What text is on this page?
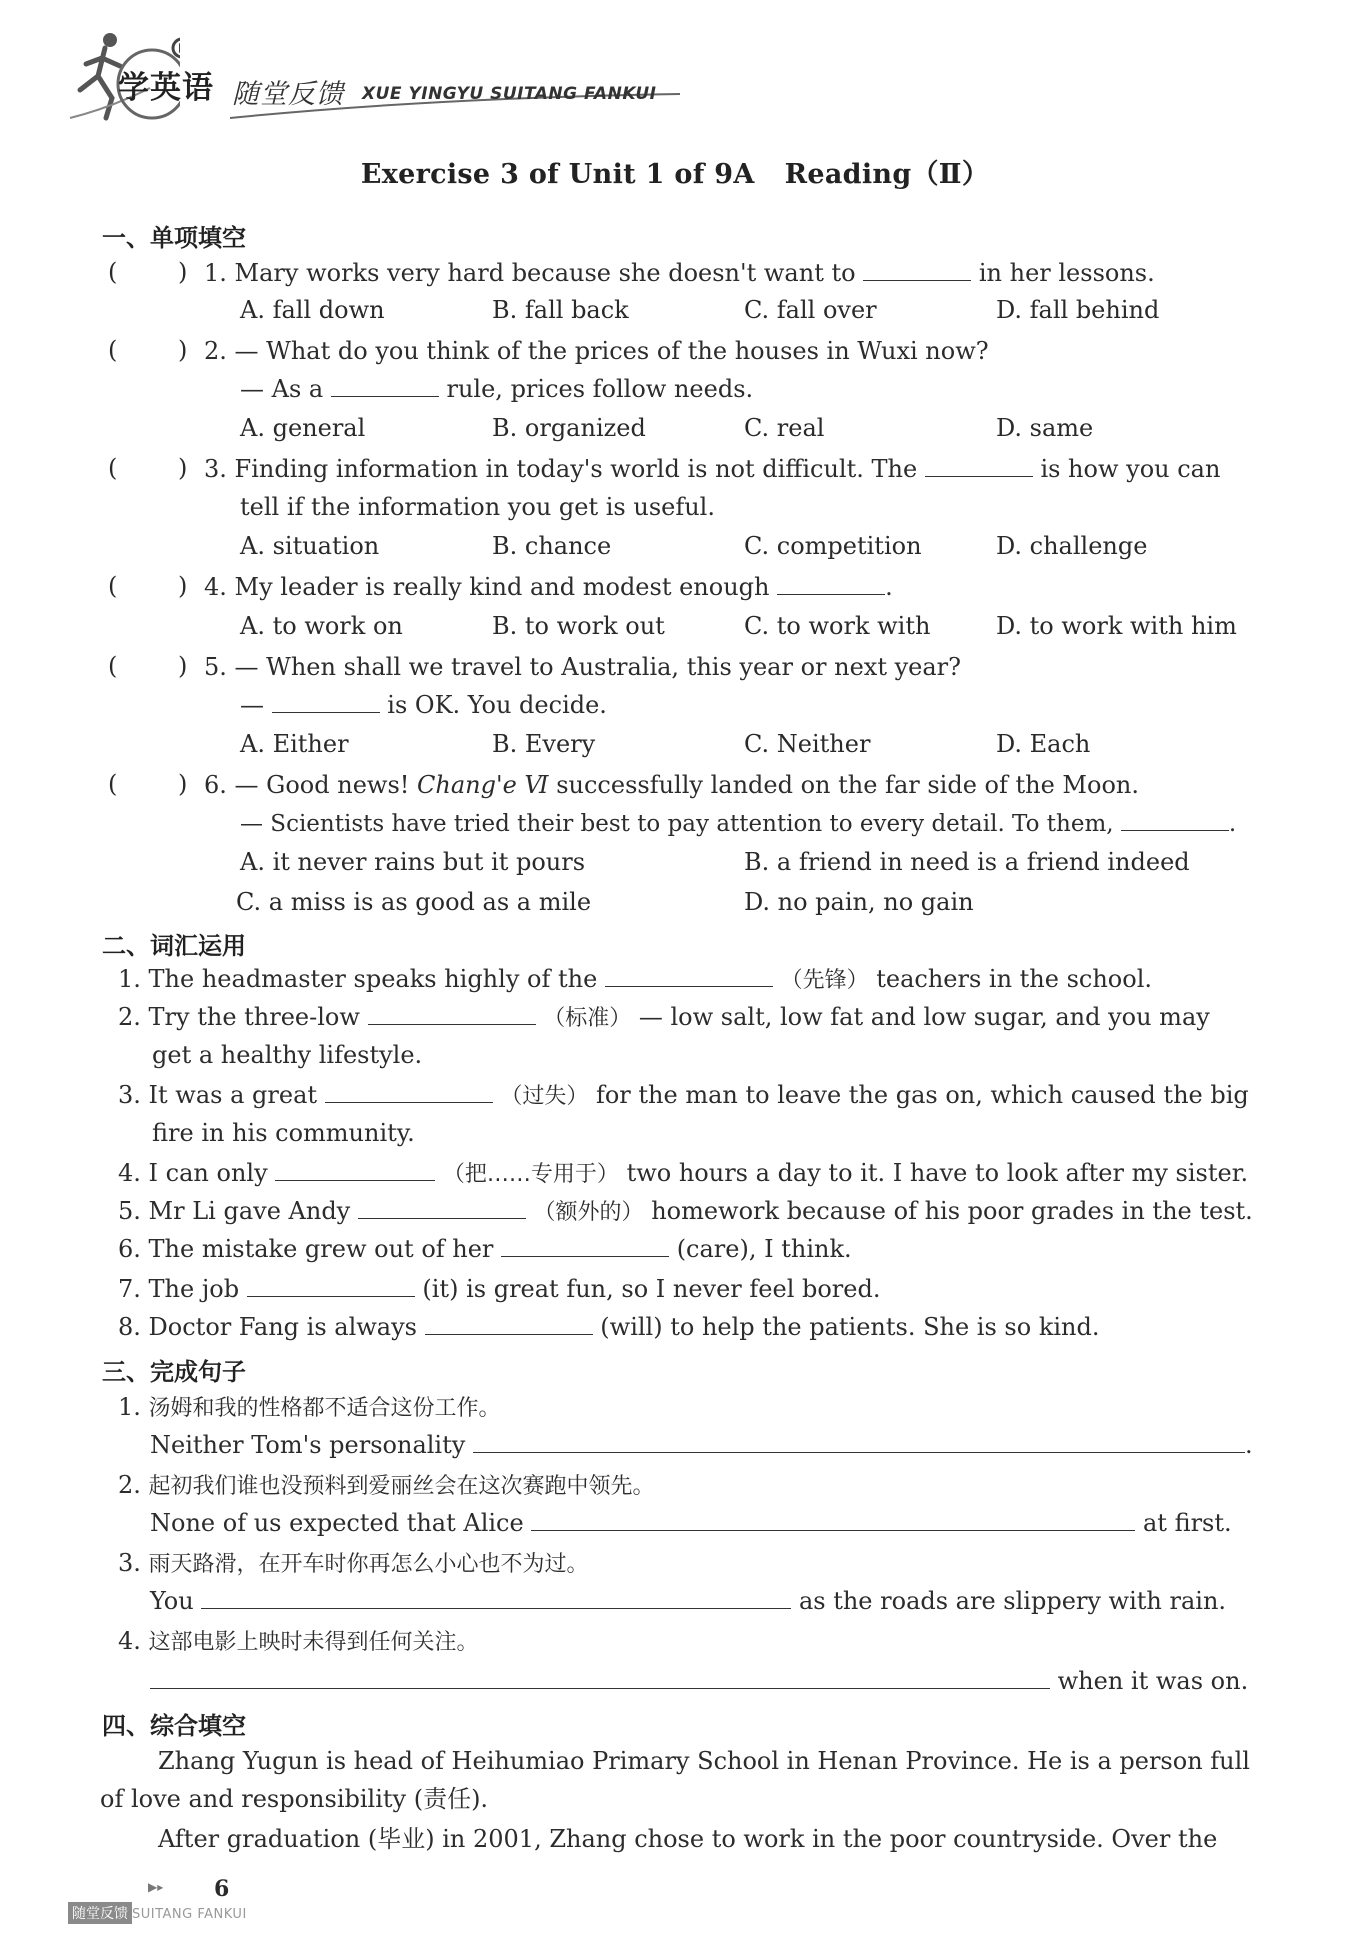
学英语 随堂反馈 XUE YINGYU SUITANG FANKUI
Exercise 3 of Unit 1 of 9A Reading（Ⅱ）
一、单项填空
(	) 1. Mary works very hard because she doesn't want to	in her lessons.
A. fall down	B. fall back	C. fall over	D. fall behind
(	) 2. — What do you think of the prices of the houses in Wuxi now?
— As a	rule, prices follow needs.
A. general	B. organized	C. real	D. same
(	) 3. Finding information in today's world is not difficult. The	is how you can
tell if the information you get is useful.
A. situation	B. chance	C. competition	D. challenge
(	) 4. My leader is really kind and modest enough	.
A. to work on	B. to work out	C. to work with	D. to work with him
(	) 5. — When shall we travel to Australia, this year or next year?
—	is OK. You decide.
A. Either	B. Every	C. Neither	D. Each
(	) 6. — Good news! Chang'e Ⅵ successfully landed on the far side of the Moon.
— Scientists have tried their best to pay attention to every detail. To them,	.
A. it never rains but it pours	B. a friend in need is a friend indeed
C. a miss is as good as a mile	D. no pain, no gain
二、词汇运用
1. The headmaster speaks highly of the	（先锋） teachers in the school.
2. Try the three-low	（标准） — low salt, low fat and low sugar, and you may
get a healthy lifestyle.
3. It was a great	（过失） for the man to leave the gas on, which caused the big
fire in his community.
4. I can only	（把……专用于） two hours a day to it. I have to look after my sister.
5. Mr Li gave Andy	（额外的） homework because of his poor grades in the test.
6. The mistake grew out of her	(care), I think.
7. The job	(it) is great fun, so I never feel bored.
8. Doctor Fang is always	(will) to help the patients. She is so kind.
三、完成句子
1. 汤姆和我的性格都不适合这份工作。
Neither Tom's personality	.
2. 起初我们谁也没预料到爱丽丝会在这次赛跑中领先。
None of us expected that Alice	at first.
3. 雨天路滑，在开车时你再怎么小心也不为过。
You	as the roads are slippery with rain.
4. 这部电影上映时未得到任何关注。
when it was on.
四、综合填空
Zhang Yugun is head of Heihumiao Primary School in Henan Province. He is a person full
of love and responsibility (责任).
After graduation (毕业) in 2001, Zhang chose to work in the poor countryside. Over the
▶▸ 6
随堂反馈 SUITANG FANKUI
